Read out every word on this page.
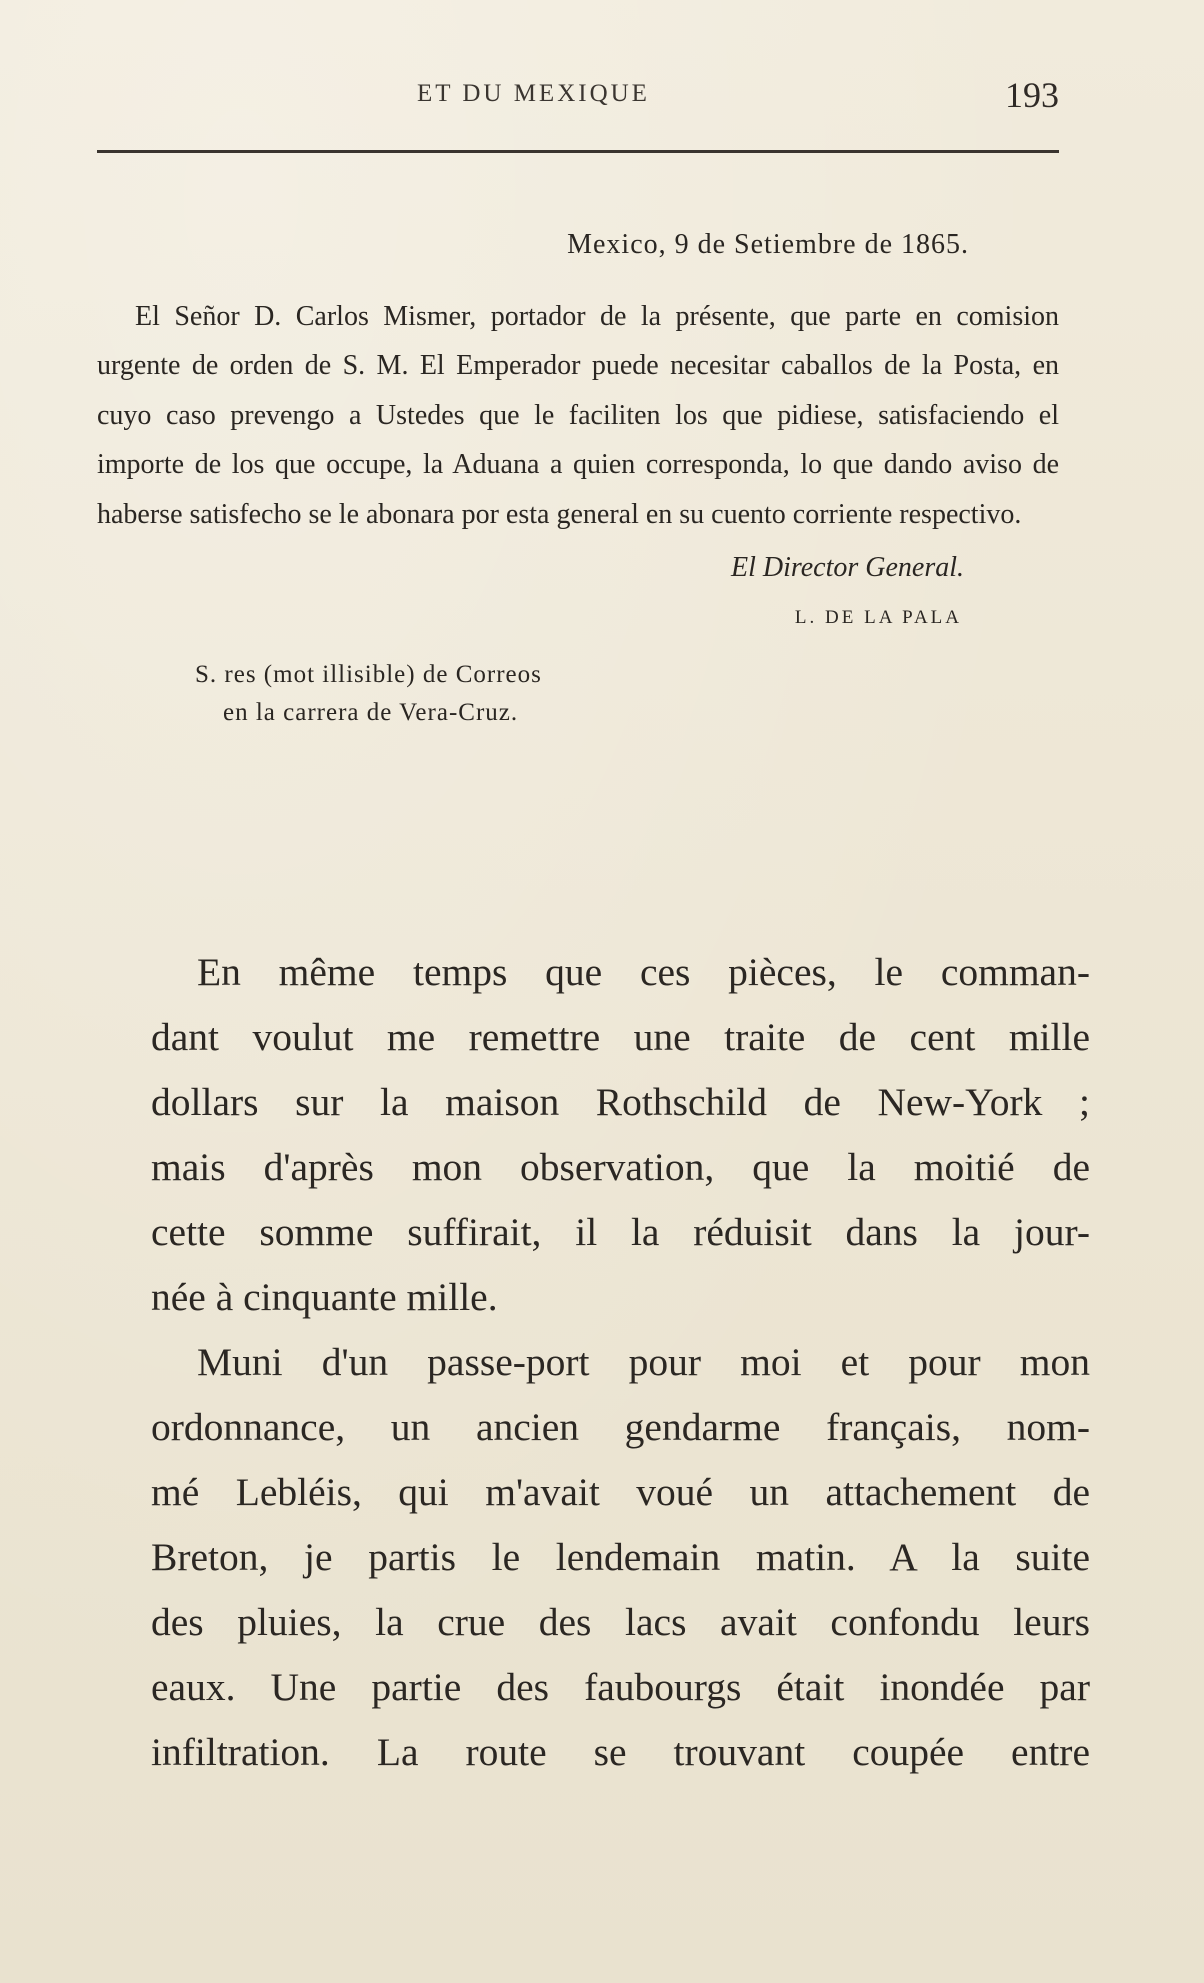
ET DU MEXIQUE	193

Mexico, 9 de Setiembre de 1865.

El Señor D. Carlos Mismer, portador de la présente, que parte en comision urgente de orden de S. M. El Emperador puede necesitar caballos de la Posta, en cuyo caso prevengo a Ustedes que le faciliten los que pidiese, satisfaciendo el importe de los que occupe, la Aduana a quien corresponda, lo que dando aviso de haberse satisfecho se le abonara por esta general en su cuento corriente respectivo.

El Director General.

L. DE LA PALA

S. res (mot illisible) de Correos
en la carrera de Vera-Cruz.

En même temps que ces pièces, le comman-
dant voulut me remettre une traite de cent mille
dollars sur la maison Rothschild de New-York ;
mais d'après mon observation, que la moitié de
cette somme suffirait, il la réduisit dans la jour-
née à cinquante mille.

Muni d'un passe-port pour moi et pour mon
ordonnance, un ancien gendarme français, nom-
mé Lebléis, qui m'avait voué un attachement de
Breton, je partis le lendemain matin. A la suite
des pluies, la crue des lacs avait confondu leurs
eaux. Une partie des faubourgs était inondée par
infiltration. La route se trouvant coupée entre
